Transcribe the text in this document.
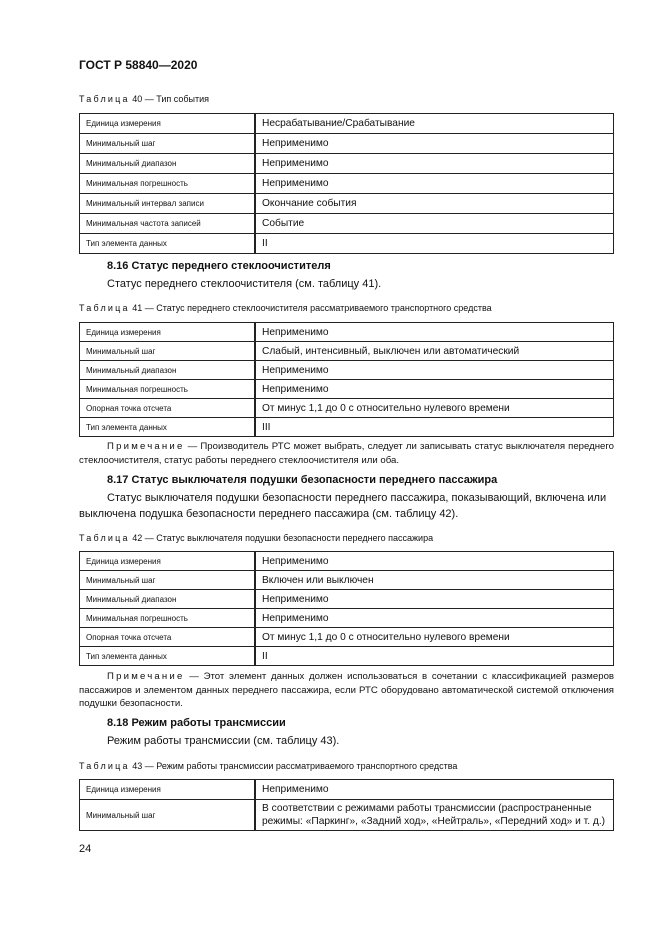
ГОСТ Р 58840—2020
Таблица 40 — Тип события
Единица измерения	Несрабатывание/Срабатывание
Минимальный шаг	Неприменимо
Минимальный диапазон	Неприменимо
Минимальная погрешность	Неприменимо
Минимальный интервал записи	Окончание события
Минимальная частота записей	Событие
Тип элемента данных	II
8.16 Статус переднего стеклоочистителя
Статус переднего стеклоочистителя (см. таблицу 41).
Таблица 41 — Статус переднего стеклоочистителя рассматриваемого транспортного средства
Единица измерения	Неприменимо
Минимальный шаг	Слабый, интенсивный, выключен или автоматический
Минимальный диапазон	Неприменимо
Минимальная погрешность	Неприменимо
Опорная точка отсчета	От минус 1,1 до 0 с относительно нулевого времени
Тип элемента данных	III
Примечание — Производитель РТС может выбрать, следует ли записывать статус выключателя переднего стеклоочистителя, статус работы переднего стеклоочистителя или оба.
8.17 Статус выключателя подушки безопасности переднего пассажира
Статус выключателя подушки безопасности переднего пассажира, показывающий, включена или выключена подушка безопасности переднего пассажира (см. таблицу 42).
Таблица 42 — Статус выключателя подушки безопасности переднего пассажира
Единица измерения	Неприменимо
Минимальный шаг	Включен или выключен
Минимальный диапазон	Неприменимо
Минимальная погрешность	Неприменимо
Опорная точка отсчета	От минус 1,1 до 0 с относительно нулевого времени
Тип элемента данных	II
Примечание — Этот элемент данных должен использоваться в сочетании с классификацией размеров пассажиров и элементом данных переднего пассажира, если РТС оборудовано автоматической системой отключения подушки безопасности.
8.18 Режим работы трансмиссии
Режим работы трансмиссии (см. таблицу 43).
Таблица 43 — Режим работы трансмиссии рассматриваемого транспортного средства
Единица измерения	Неприменимо
Минимальный шаг	В соответствии с режимами работы трансмиссии (распространенные режимы: «Паркинг», «Задний ход», «Нейтраль», «Передний ход» и т. д.)
24
